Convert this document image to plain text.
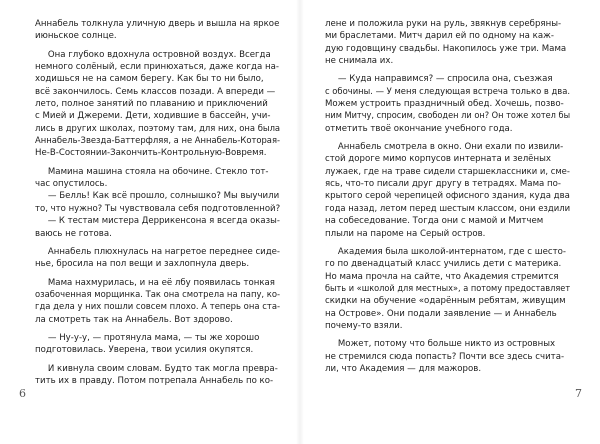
Аннабель толкнула уличную дверь и вышла на яркое
июньское солнце.
  Она глубоко вдохнула островной воздух. Всегда
немного солёный, если принюхаться, даже когда на-
ходишься не на самом берегу. Как бы то ни было,
всё закончилось. Семь классов позади. А впереди —
лето, полное занятий по плаванию и приключений
с Мией и Джереми. Дети, ходившие в бассейн, учи-
лись в других школах, поэтому там, для них, она была
Аннабель-Звезда-Баттерфляя, а не Аннабель-Которая-
Не-В-Состоянии-Закончить-Контрольную-Вовремя.
  Мамина машина стояла на обочине. Стекло тот-
час опустилось.
  — Белль! Как всё прошло, солнышко? Мы выучили
то, что нужно? Ты чувствовала себя подготовленной?
  — К тестам мистера Деррикенсона я всегда оказы-
ваюсь не готова.
  Аннабель плюхнулась на нагретое переднее сиде-
нье, бросила на пол вещи и захлопнула дверь.
  Мама нахмурилась, и на её лбу появилась тонкая
озабоченная морщинка. Так она смотрела на папу, ко-
гда дела у них пошли совсем плохо. А теперь она ста-
ла смотреть так на Аннабель. Вот здорово.
  — Ну-у-у, — протянула мама, — ты же хорошо
подготовилась. Уверена, твои усилия окупятся.
  И кивнула своим словам. Будто так могла превра-
тить их в правду. Потом потрепала Аннабель по ко-
лене и положила руки на руль, звякнув серебряны-
ми браслетами. Митч дарил ей по одному на каж-
дую годовщину свадьбы. Накопилось уже три. Мама
не снимала их.
  — Куда направимся? — спросила она, съезжая
с обочины. — У меня следующая встреча только в два.
Можем устроить праздничный обед. Хочешь, позво-
ним Митчу, спросим, свободен ли он? Он тоже хотел бы
отметить твоё окончание учебного года.
  Аннабель смотрела в окно. Они ехали по извили-
стой дороге мимо корпусов интерната и зелёных
лужаек, где на траве сидели старшеклассники и, сме-
ясь, что-то писали друг другу в тетрадях. Мама по-
крытого серой черепицей офисного здания, куда два
года назад, летом перед шестым классом, они ездили
на собеседование. Тогда они с мамой и Митчем
плыли на пароме на Серый остров.
  Академия была школой-интернатом, где с шесто-
го по двенадцатый класс учились дети с материка.
Но мама прочла на сайте, что Академия стремится
быть и «школой для местных», а потому предоставляет
скидки на обучение «одарённым ребятам, живущим
на Острове». Они подали заявление — и Аннабель
почему-то взяли.
  Может, потому что больше никто из островных
не стремился сюда попасть? Почти все здесь счита-
ли, что Академия — для мажоров.
6	7
